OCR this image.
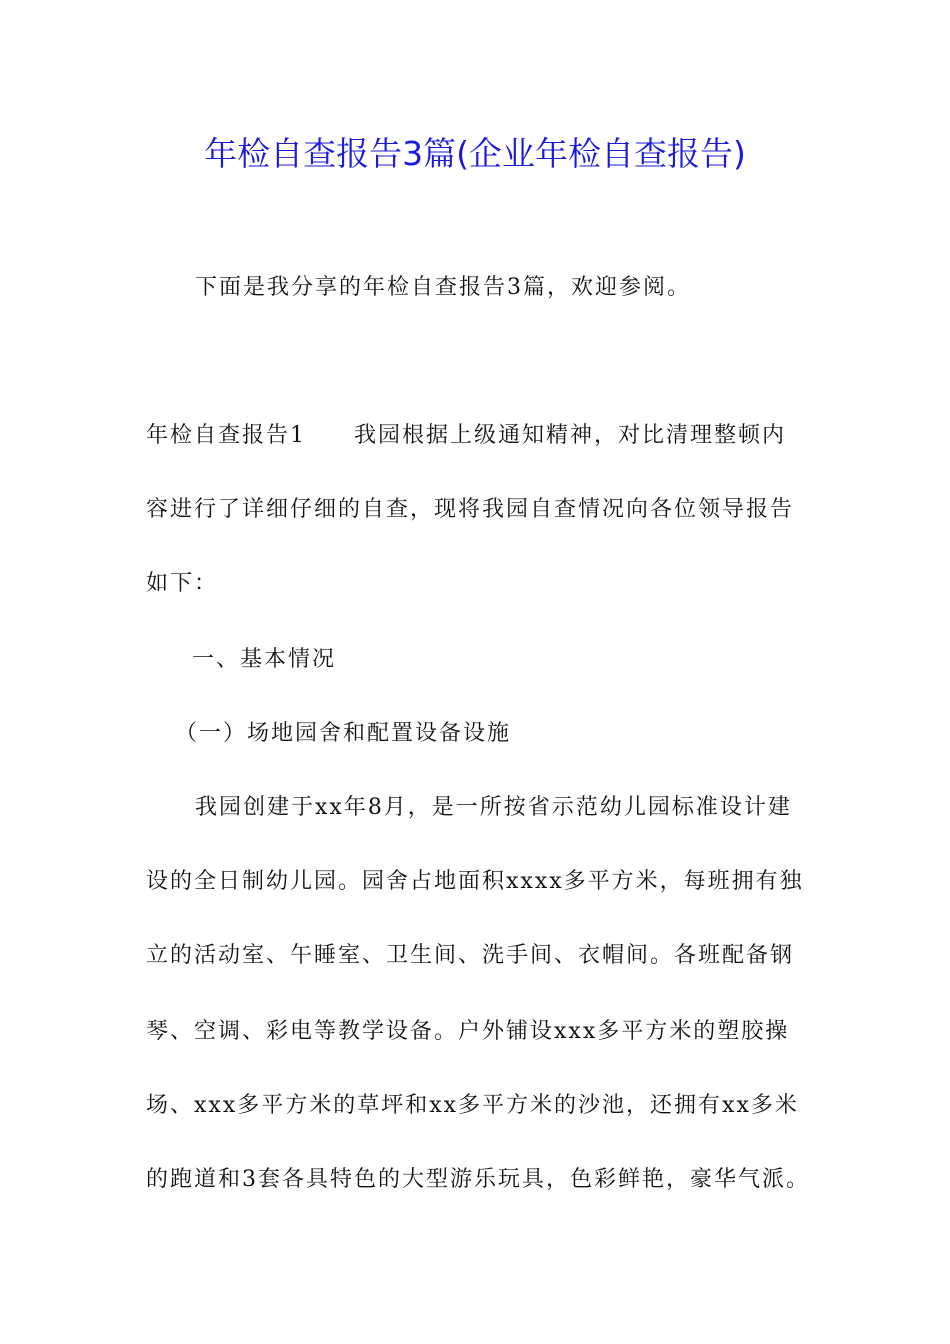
年检自查报告3篇(企业年检自查报告)
下面是我分享的年检自查报告3篇，欢迎参阅。
年检自查报告1 我园根据上级通知精神，对比清理整顿内
容进行了详细仔细的自查，现将我园自查情况向各位领导报告
如下：
一、基本情况
（一）场地园舍和配置设备设施
我园创建于xx年8月，是一所按省示范幼儿园标准设计建
设的全日制幼儿园。园舍占地面积xxxx多平方米，每班拥有独
立的活动室、午睡室、卫生间、洗手间、衣帽间。各班配备钢
琴、空调、彩电等教学设备。户外铺设xxx多平方米的塑胶操
场、xxx多平方米的草坪和xx多平方米的沙池，还拥有xx多米
的跑道和3套各具特色的大型游乐玩具，色彩鲜艳，豪华气派。
